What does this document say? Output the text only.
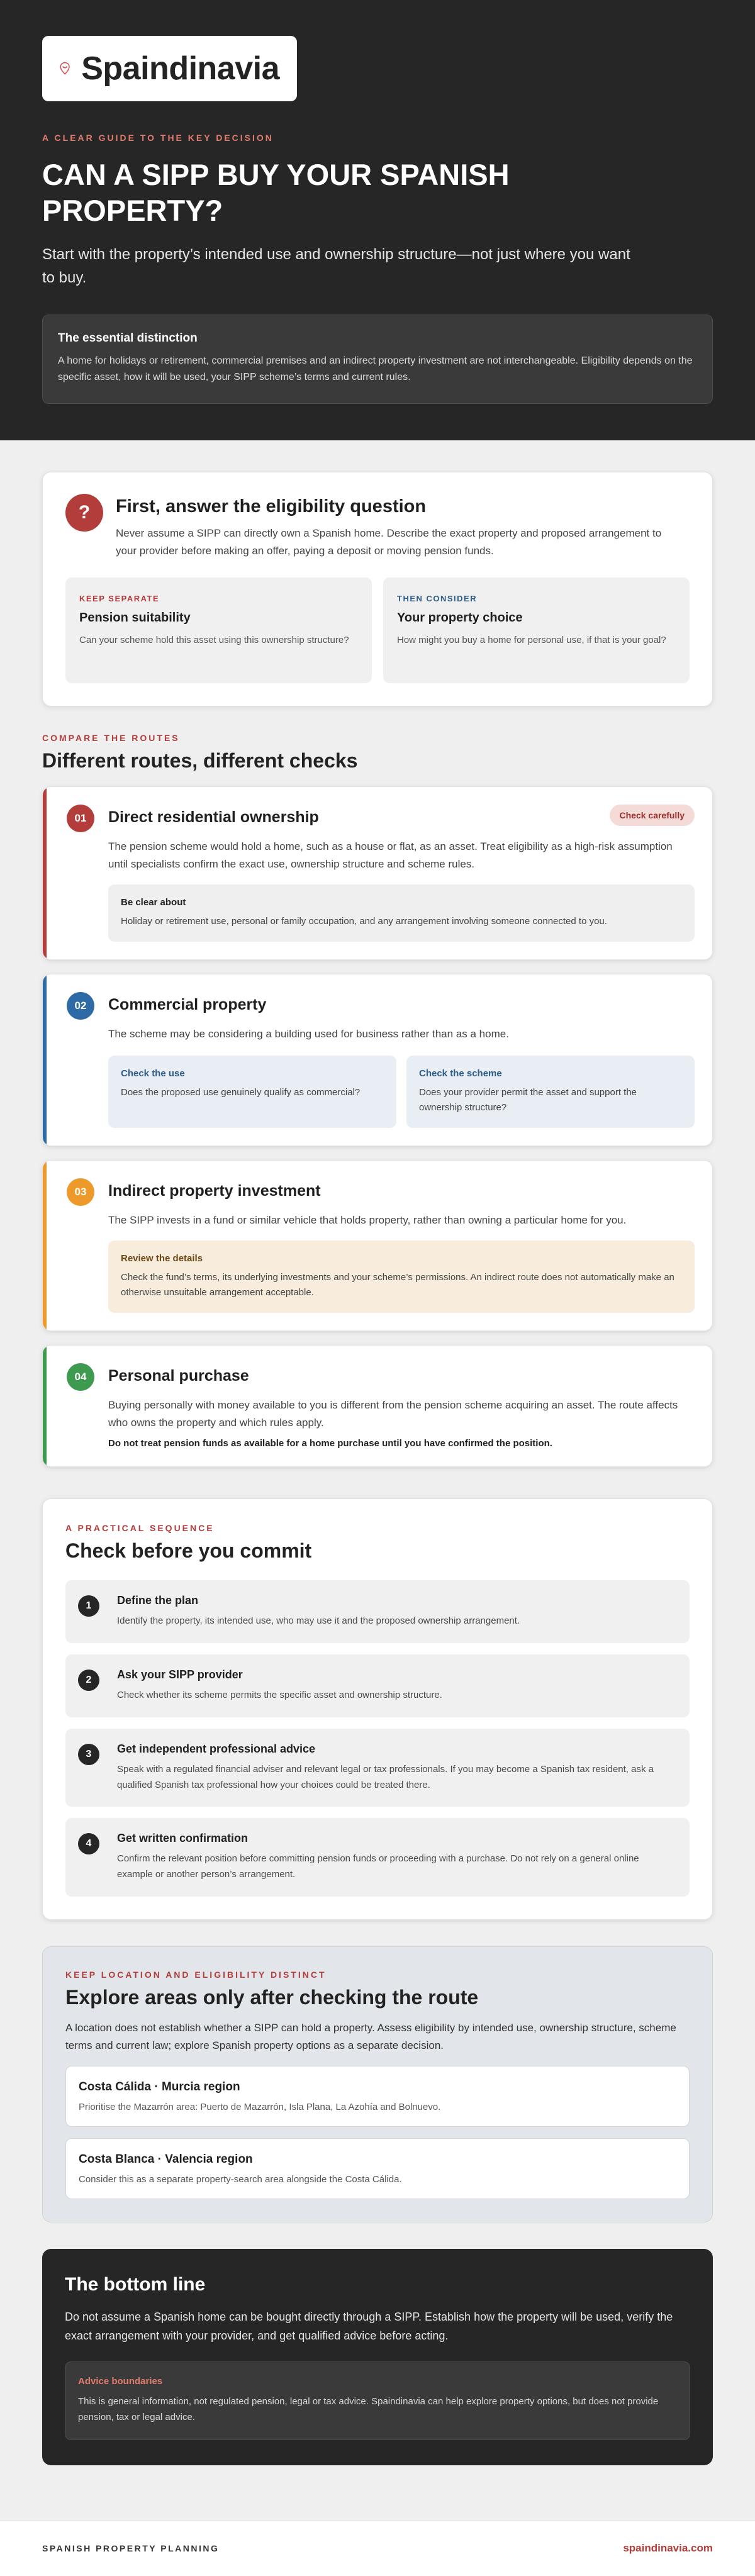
Spaindinavia
A CLEAR GUIDE TO THE KEY DECISION
CAN A SIPP BUY YOUR SPANISH PROPERTY?

Start with the property’s intended use and ownership structure—not just where you want to buy.

The essential distinction
A home for holidays or retirement, commercial premises and an indirect property investment are not interchangeable. Eligibility depends on the specific asset, how it will be used, your SIPP scheme’s terms and current rules.
?	First, answer the eligibility question

Never assume a SIPP can directly own a Spanish home. Describe the exact property and proposed arrangement to your provider before making an offer, paying a deposit or moving pension funds.

KEEP SEPARATE
Pension suitability
Can your scheme hold this asset using this ownership structure?
THEN CONSIDER
Your property choice
How might you buy a home for personal use, if that is your goal?
COMPARE THE ROUTES
Different routes, different checks
01	Check carefully
Direct residential ownership

The pension scheme would hold a home, such as a house or flat, as an asset. Treat eligibility as a high-risk assumption until specialists confirm the exact use, ownership structure and scheme rules.

Be clear about
Holiday or retirement use, personal or family occupation, and any arrangement involving someone connected to you.
02	Commercial property

The scheme may be considering a building used for business rather than as a home.

Check the use
Does the proposed use genuinely qualify as commercial?
Check the scheme
Does your provider permit the asset and support the ownership structure?
03	Indirect property investment

The SIPP invests in a fund or similar vehicle that holds property, rather than owning a particular home for you.

Review the details
Check the fund’s terms, its underlying investments and your scheme’s permissions. An indirect route does not automatically make an otherwise unsuitable arrangement acceptable.
04	Personal purchase

Buying personally with money available to you is different from the pension scheme acquiring an asset. The route affects who owns the property and which rules apply.

Do not treat pension funds as available for a home purchase until you have confirmed the position.

A PRACTICAL SEQUENCE
Check before you commit
1	Define the plan
Identify the property, its intended use, who may use it and the proposed ownership arrangement.
2	Ask your SIPP provider
Check whether its scheme permits the specific asset and ownership structure.
3	Get independent professional advice
Speak with a regulated financial adviser and relevant legal or tax professionals. If you may become a Spanish tax resident, ask a qualified Spanish tax professional how your choices could be treated there.
4	Get written confirmation
Confirm the relevant position before committing pension funds or proceeding with a purchase. Do not rely on a general online example or another person’s arrangement.
KEEP LOCATION AND ELIGIBILITY DISTINCT
Explore areas only after checking the route

A location does not establish whether a SIPP can hold a property. Assess eligibility by intended use, ownership structure, scheme terms and current law; explore Spanish property options as a separate decision.

Costa Cálida · Murcia region
Prioritise the Mazarrón area: Puerto de Mazarrón, Isla Plana, La Azohía and Bolnuevo.
Costa Blanca · Valencia region
Consider this as a separate property-search area alongside the Costa Cálida.
The bottom line

Do not assume a Spanish home can be bought directly through a SIPP. Establish how the property will be used, verify the exact arrangement with your provider, and get qualified advice before acting.

Advice boundaries
This is general information, not regulated pension, legal or tax advice. Spaindinavia can help explore property options, but does not provide pension, tax or legal advice.
SPANISH PROPERTY PLANNING	spaindinavia.com
